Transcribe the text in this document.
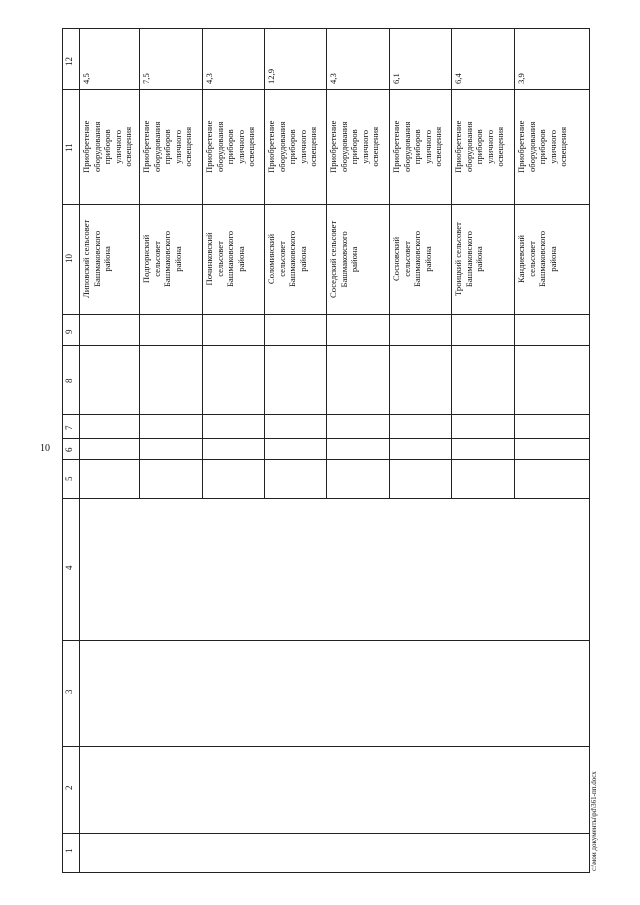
10
1
2
3
4
5
6
7
8
9
10
11
12
4,5
Приобретение
оборудования
приборов
уличного
освещения
Липовский сельсовет
Башмаковского
района
7,5
Приобретение
оборудования
приборов
уличного
освещения
Подгорнский
сельсовет
Башмаковского
района
4,3
Приобретение
оборудования
приборов
уличного
освещения
Починковский
сельсовет
Башмаковского
района
12,9
Приобретение
оборудования
приборов
уличного
освещения
Соломинский
сельсовет
Башмаковского
района
4,3
Приобретение
оборудования
приборов
уличного
освещения
Соседский сельсовет
Башмаковского
района
6,1
Приобретение
оборудования
приборов
уличного
освещения
Сосновский
сельсовет
Башмаковского
района
6,4
Приобретение
оборудования
приборов
уличного
освещения
Троицкий сельсовет
Башмаковского
района
3,9
Приобретение
оборудования
приборов
уличного
освещения
Кандиевский
сельсовет
Башмаковского
района
c:\мои документы\pd\361-пп.docx
